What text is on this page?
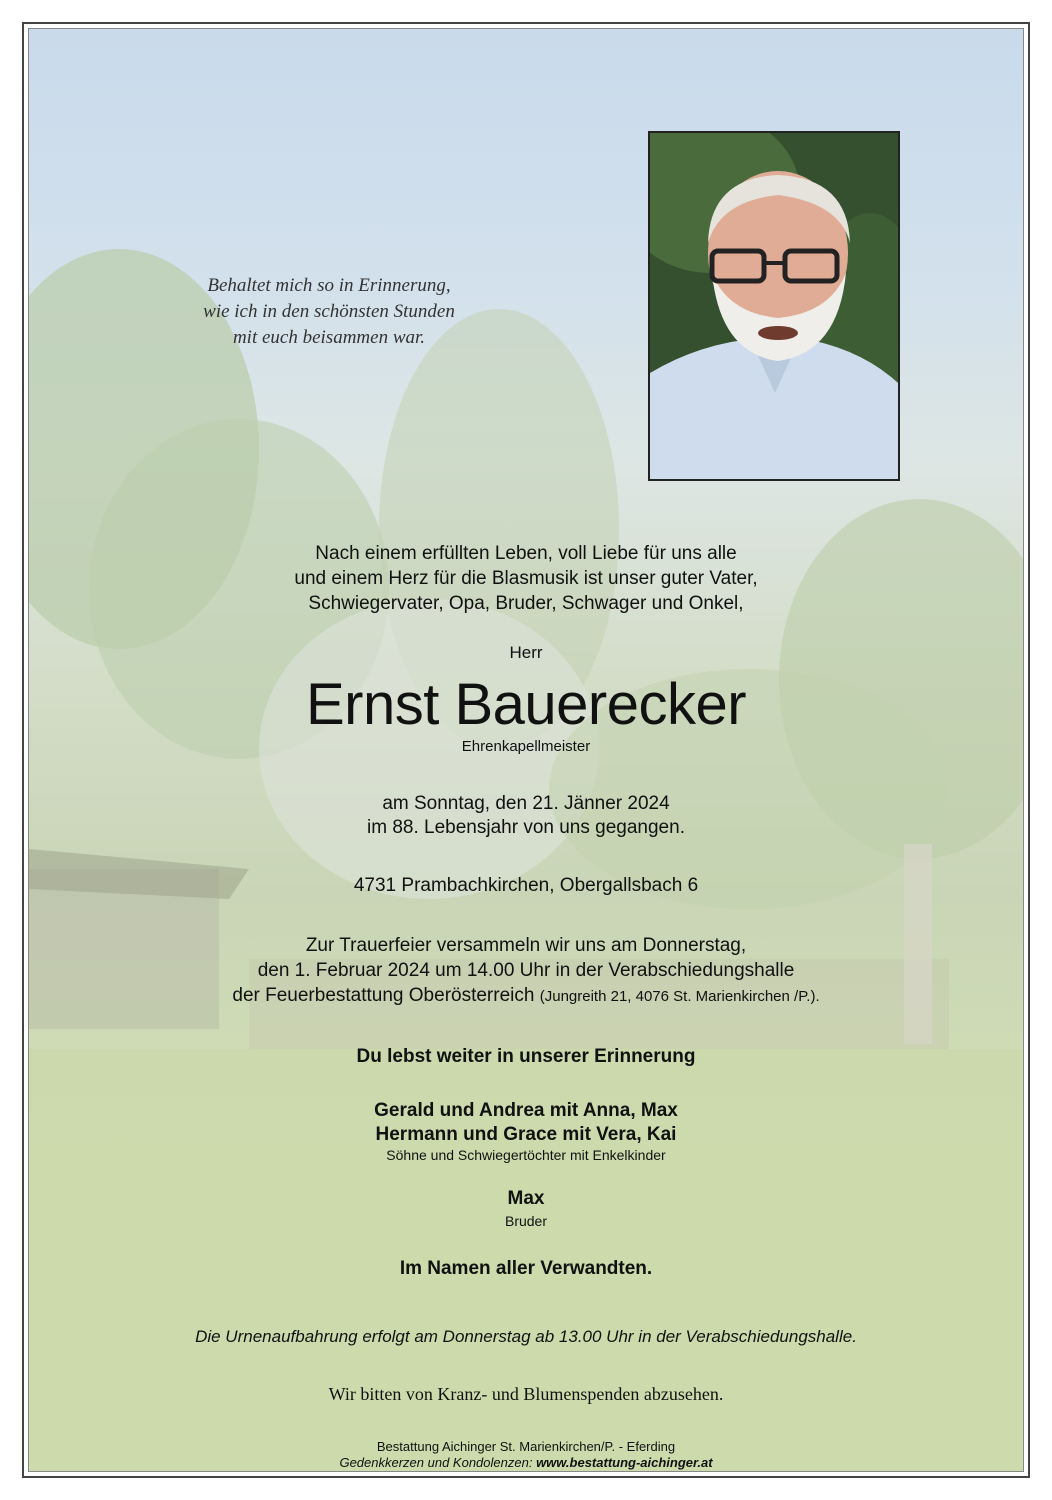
Behaltet mich so in Erinnerung,
wie ich in den schönsten Stunden
mit euch beisammen war.
Nach einem erfüllten Leben, voll Liebe für uns alle
und einem Herz für die Blasmusik ist unser guter Vater,
Schwiegervater, Opa, Bruder, Schwager und Onkel,
Herr
Ernst Bauerecker
Ehrenkapellmeister
am Sonntag, den 21. Jänner 2024
im 88. Lebensjahr von uns gegangen.
4731 Prambachkirchen, Obergallsbach 6
Zur Trauerfeier versammeln wir uns am Donnerstag,
den 1. Februar 2024 um 14.00 Uhr in der Verabschiedungshalle
der Feuerbestattung Oberösterreich (Jungreith 21, 4076 St. Marienkirchen /P.).
Du lebst weiter in unserer Erinnerung
Gerald und Andrea mit Anna, Max
Hermann und Grace mit Vera, Kai
Söhne und Schwiegertöchter mit Enkelkinder
Max
Bruder
Im Namen aller Verwandten.
Die Urnenaufbahrung erfolgt am Donnerstag ab 13.00 Uhr in der Verabschiedungshalle.
Wir bitten von Kranz- und Blumenspenden abzusehen.
Bestattung Aichinger St. Marienkirchen/P. - Eferding
Gedenkkerzen und Kondolenzen: www.bestattung-aichinger.at
